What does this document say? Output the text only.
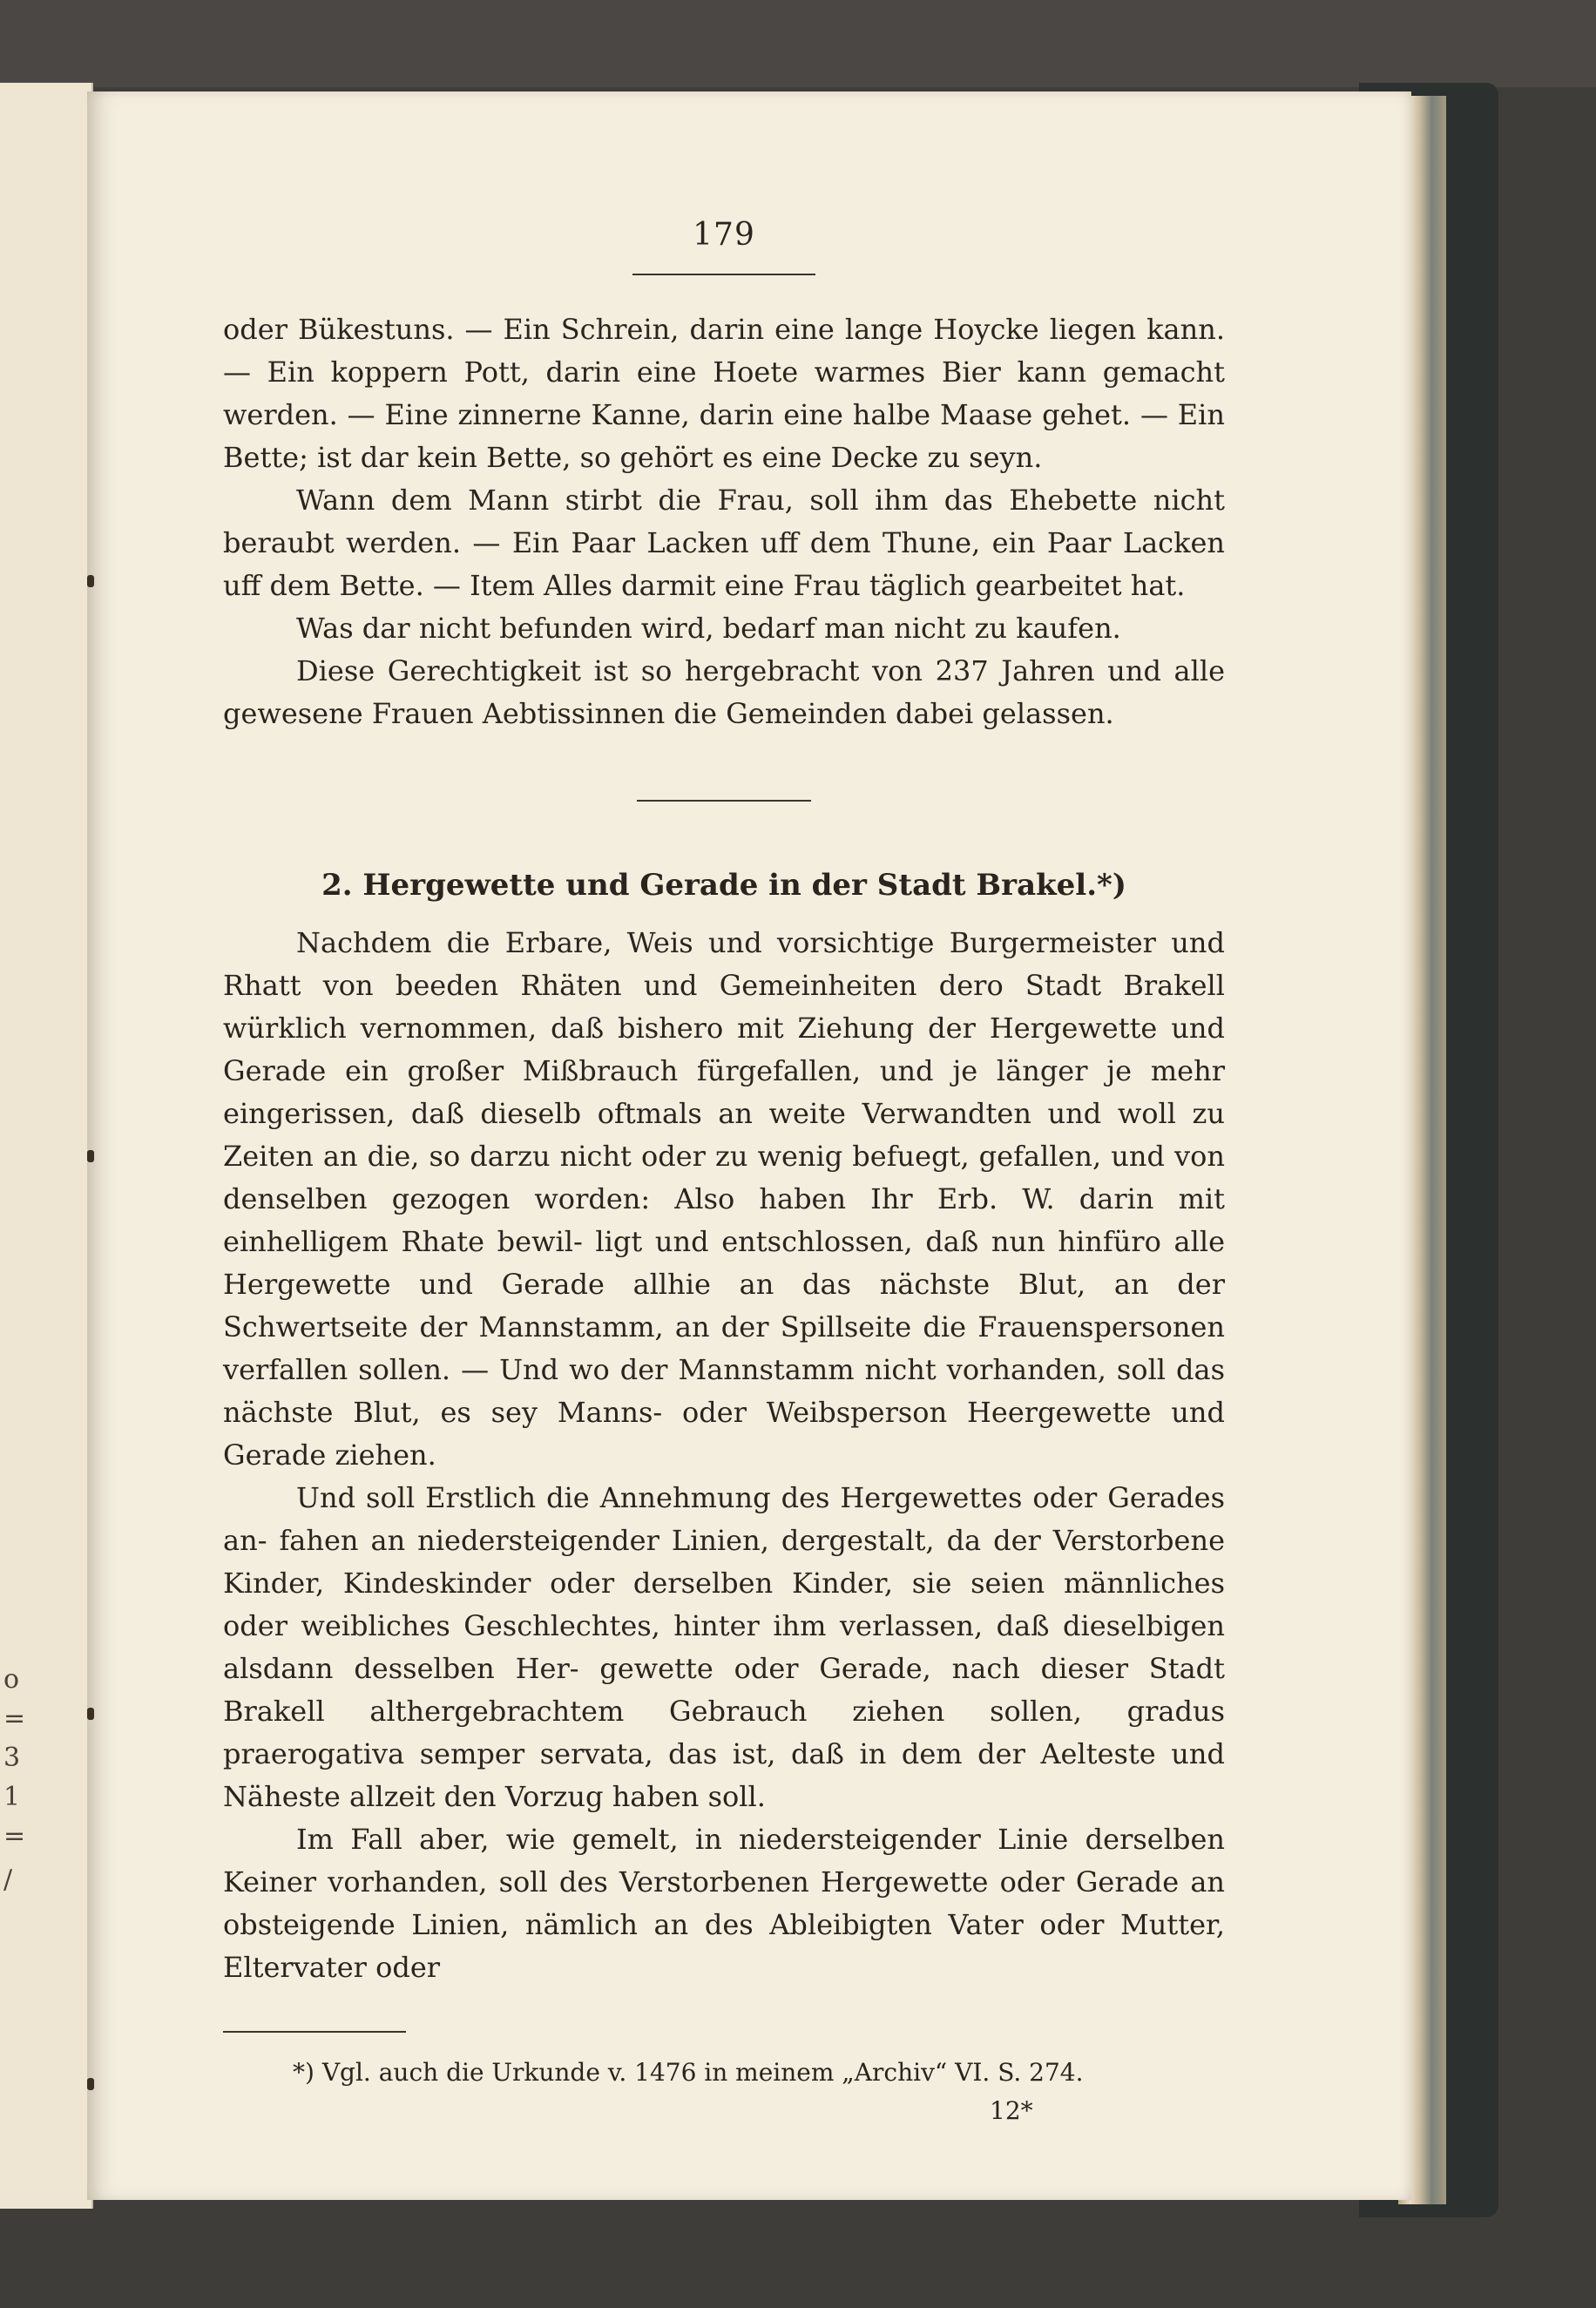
o
=
3
1
=
/
179

oder Bükestuns. — Ein Schrein, darin eine lange Hoycke liegen kann. — Ein koppern Pott, darin eine Hoete warmes Bier kann gemacht werden. — Eine zinnerne Kanne, darin eine halbe Maase gehet. — Ein Bette; ist dar kein Bette, so gehört es eine Decke zu seyn.

Wann dem Mann stirbt die Frau, soll ihm das Ehebette nicht beraubt werden. — Ein Paar Lacken uff dem Thune, ein Paar Lacken uff dem Bette. — Item Alles darmit eine Frau täglich gearbeitet hat.

Was dar nicht befunden wird, bedarf man nicht zu kaufen.

Diese Gerechtigkeit ist so hergebracht von 237 Jahren und alle gewesene Frauen Aebtissinnen die Gemeinden dabei gelassen.

2. Hergewette und Gerade in der Stadt Brakel.*)

Nachdem die Erbare, Weis und vorsichtige Burgermeister und Rhatt von beeden Rhäten und Gemeinheiten dero Stadt Brakell würklich vernommen, daß bishero mit Ziehung der Hergewette und Gerade ein großer Mißbrauch fürgefallen, und je länger je mehr eingerissen, daß dieselb oftmals an weite Verwandten und woll zu Zeiten an die, so darzu nicht oder zu wenig befuegt, gefallen, und von denselben gezogen worden: Also haben Ihr Erb. W. darin mit einhelligem Rhate bewil- ligt und entschlossen, daß nun hinfüro alle Hergewette und Gerade allhie an das nächste Blut, an der Schwertseite der Mannstamm, an der Spillseite die Frauenspersonen verfallen sollen. — Und wo der Mannstamm nicht vorhanden, soll das nächste Blut, es sey Manns- oder Weibsperson Heergewette und Gerade ziehen.

Und soll Erstlich die Annehmung des Hergewettes oder Gerades an- fahen an niedersteigender Linien, dergestalt, da der Verstorbene Kinder, Kindeskinder oder derselben Kinder, sie seien männliches oder weibliches Geschlechtes, hinter ihm verlassen, daß dieselbigen alsdann desselben Her- gewette oder Gerade, nach dieser Stadt Brakell althergebrachtem Gebrauch ziehen sollen, gradus praerogativa semper servata, das ist, daß in dem der Aelteste und Näheste allzeit den Vorzug haben soll.

Im Fall aber, wie gemelt, in niedersteigender Linie derselben Keiner vorhanden, soll des Verstorbenen Hergewette oder Gerade an obsteigende Linien, nämlich an des Ableibigten Vater oder Mutter, Eltervater oder

*) Vgl. auch die Urkunde v. 1476 in meinem „Archiv“ VI. S. 274.

12*
